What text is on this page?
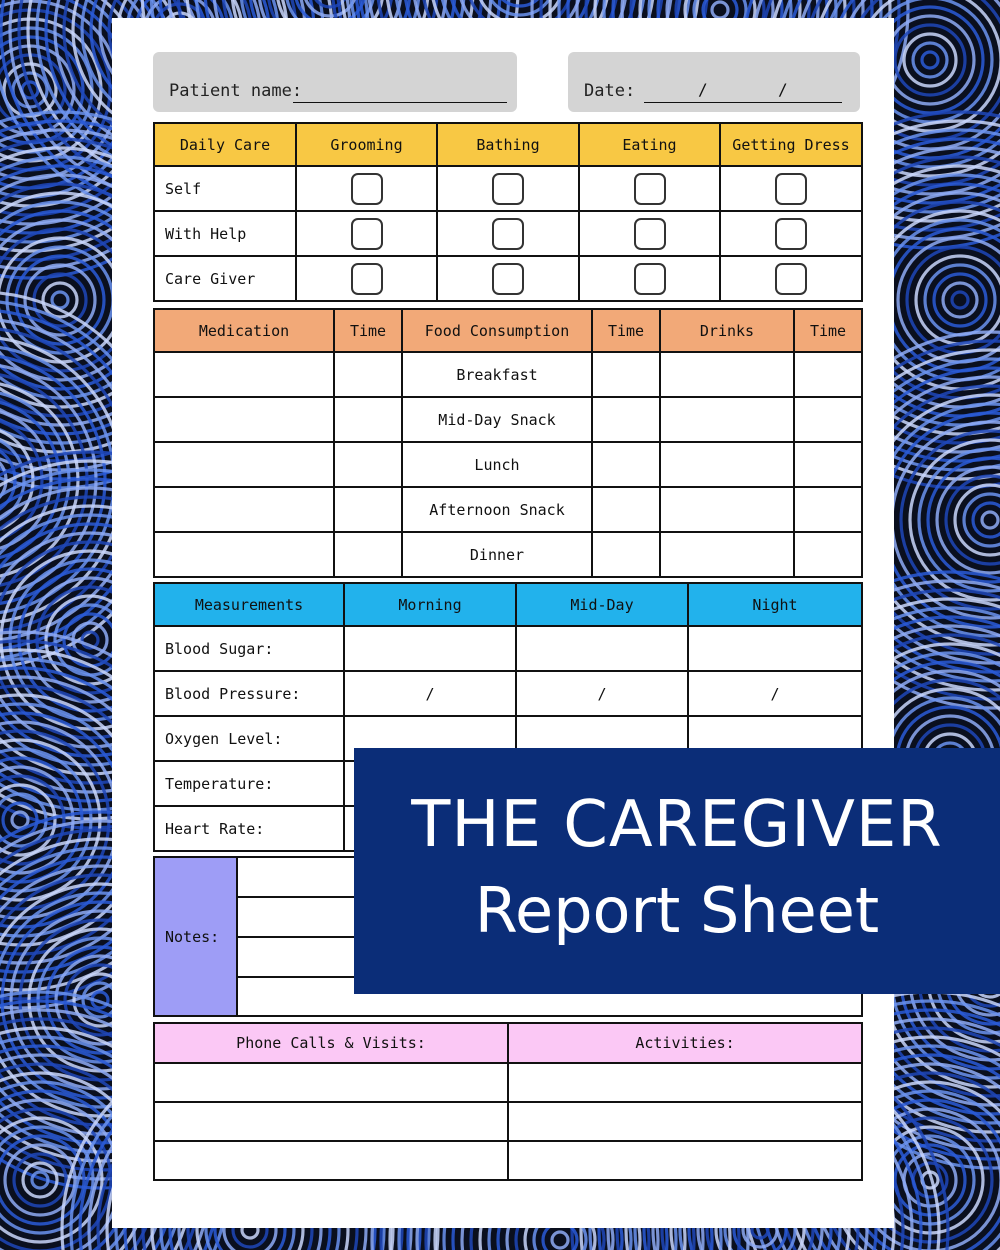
Patient name:	Date:	/	/
Daily Care	Grooming	Bathing	Eating	Getting Dress
Self	

With Help	

Care Giver	

Medication	Time	Food Consumption	Time	Drinks	Time
		Breakfast			
		Mid-Day Snack			
		Lunch			
		Afternoon Snack			
		Dinner			
Measurements	Morning	Mid-Day	Night
Blood Sugar:			
Blood Pressure:	/	/	/
Oxygen Level:			
Temperature:			
Heart Rate:			
Notes:	

Phone Calls & Visits:	Activities:

THE CAREGIVER
Report Sheet
